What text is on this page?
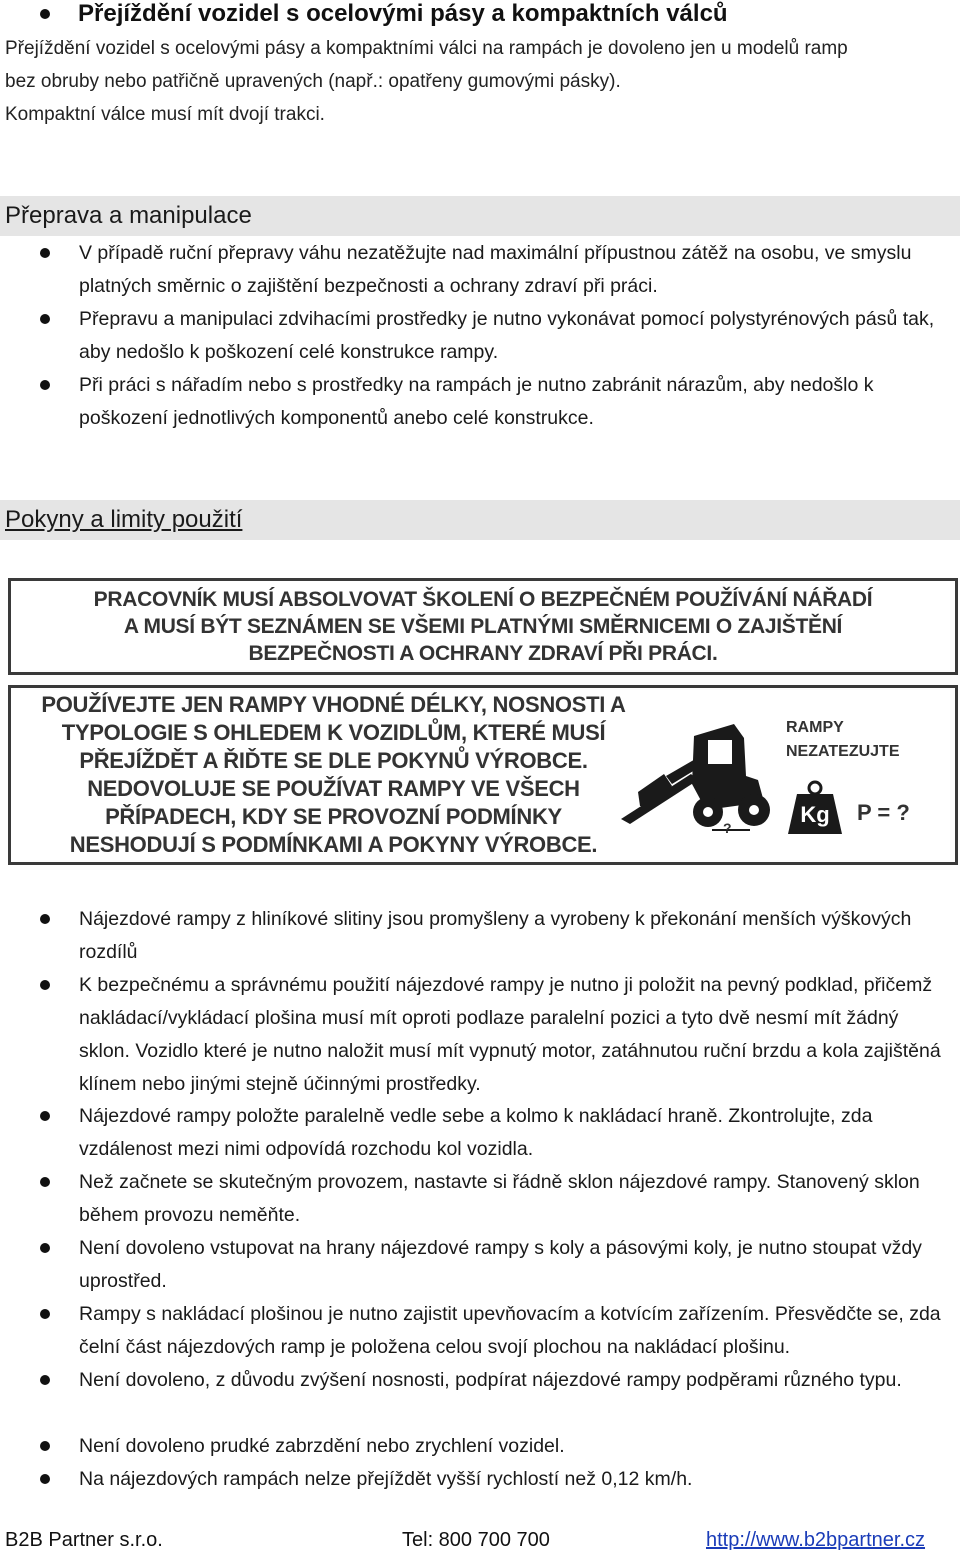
Přejíždění vozidel s ocelovými pásy a kompaktních válců
Přejíždění vozidel s ocelovými pásy a kompaktními válci na rampách je dovoleno jen u modelů ramp
bez obruby nebo patřičně upravených (např.: opatřeny gumovými pásky).
Kompaktní válce musí mít dvojí trakci.
Přeprava a manipulace
V případě ruční přepravy váhu nezatěžujte nad maximální přípustnou zátěž na osobu, ve smyslu platných směrnic o zajištění bezpečnosti a ochrany zdraví při práci.
Přepravu a manipulaci zdvihacími prostředky je nutno vykonávat pomocí polystyrénových pásů tak, aby nedošlo k poškození celé konstrukce rampy.
Při práci s nářadím nebo s prostředky na rampách je nutno zabránit nárazům, aby nedošlo k poškození jednotlivých komponentů anebo celé konstrukce.
Pokyny a limity použití
PRACOVNÍK MUSÍ ABSOLVOVAT ŠKOLENÍ O BEZPEČNÉM POUŽÍVÁNÍ NÁŘADÍ
A MUSÍ BÝT SEZNÁMEN SE VŠEMI PLATNÝMI SMĚRNICEMI O ZAJIŠTĚNÍ
BEZPEČNOSTI A OCHRANY ZDRAVÍ PŘI PRÁCI.
POUŽÍVEJTE JEN RAMPY VHODNÉ DÉLKY, NOSNOSTI A
TYPOLOGIE S OHLEDEM K VOZIDLŮM, KTERÉ MUSÍ
PŘEJÍŽDĚT A ŘIĎTE SE DLE POKYNŮ VÝROBCE.
NEDOVOLUJE SE POUŽÍVAT RAMPY VE VŠECH
PŘÍPADECH, KDY SE PROVOZNÍ PODMÍNKY
NESHODUJÍ S PODMÍNKAMI A POKYNY VÝROBCE.
?
RAMPY
NEZATEZUJTE
Kg	P = ?
Nájezdové rampy z hliníkové slitiny jsou promyšleny a vyrobeny k překonání menších výškových rozdílů
K bezpečnému a správnému použití nájezdové rampy je nutno ji položit na pevný podklad, přičemž nakládací/vykládací plošina musí mít oproti podlaze paralelní pozici a tyto dvě nesmí mít žádný sklon. Vozidlo které je nutno naložit musí mít vypnutý motor, zatáhnutou ruční brzdu a kola zajištěná klínem nebo jinými stejně účinnými prostředky.
Nájezdové rampy položte paralelně vedle sebe a kolmo k nakládací hraně. Zkontrolujte, zda vzdálenost mezi nimi odpovídá rozchodu kol vozidla.
Než začnete se skutečným provozem, nastavte si řádně sklon nájezdové rampy. Stanovený sklon během provozu neměňte.
Není dovoleno vstupovat na hrany nájezdové rampy s koly a pásovými koly, je nutno stoupat vždy uprostřed.
Rampy s nakládací plošinou je nutno zajistit upevňovacím a kotvícím zařízením. Přesvědčte se, zda čelní část nájezdových ramp je položena celou svojí plochou na nakládací plošinu.
Není dovoleno, z důvodu zvýšení nosnosti, podpírat nájezdové rampy podpěrami různého typu.
Není dovoleno prudké zabrzdění nebo zrychlení vozidel.
Na nájezdových rampách nelze přejíždět vyšší rychlostí než 0,12 km/h.
B2B Partner s.r.o.	Tel: 800 700 700	http://www.b2bpartner.cz
